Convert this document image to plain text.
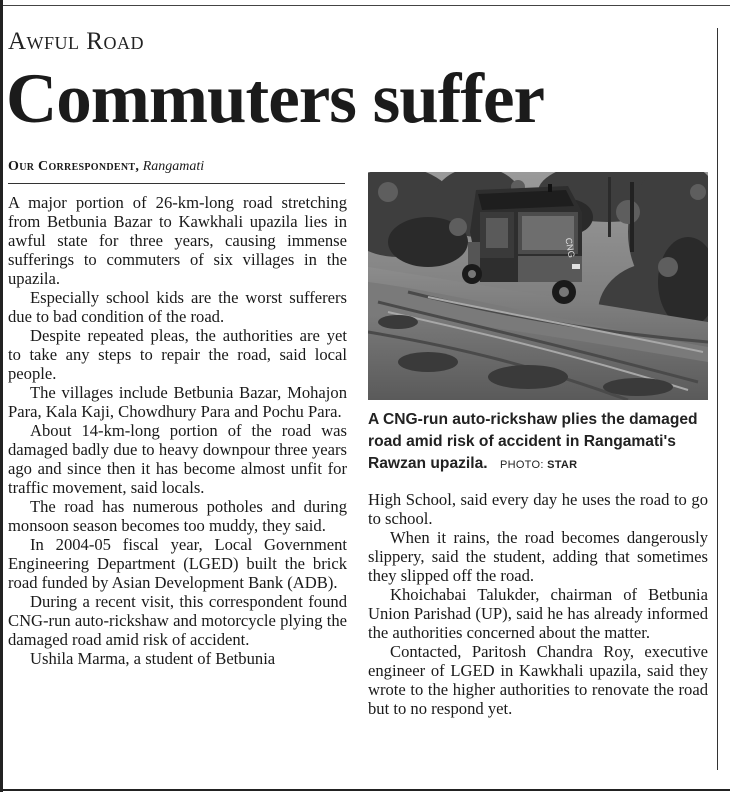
Awful Road
Commuters suffer
Our Correspondent, Rangamati

A major portion of 26-km-long road stretching from Betbunia Bazar to Kawkhali upazila lies in awful state for three years, causing immense sufferings to commuters of six villages in the upazila.

Especially school kids are the worst sufferers due to bad condition of the road.

Despite repeated pleas, the authorities are yet to take any steps to repair the road, said local people.

The villages include Betbunia Bazar, Mohajon Para, Kala Kaji, Chowdhury Para and Pochu Para.

About 14-km-long portion of the road was damaged badly due to heavy downpour three years ago and since then it has become almost unfit for traffic movement, said locals.

The road has numerous potholes and during monsoon season becomes too muddy, they said.

In 2004-05 fiscal year, Local Government Engineering Department (LGED) built the brick road funded by Asian Development Bank (ADB).

During a recent visit, this correspondent found CNG-run auto-rickshaw and motorcycle plying the damaged road amid risk of accident.

Ushila Marma, a student of Betbunia

CNG
A CNG-run auto-rickshaw plies the damaged road amid risk of accident in Rangamati's Rawzan upazila. PHOTO: STAR

High School, said every day he uses the road to go to school.

When it rains, the road becomes dangerously slippery, said the student, adding that sometimes they slipped off the road.

Khoichabai Talukder, chairman of Betbunia Union Parishad (UP), said he has already informed the authorities concerned about the matter.

Contacted, Paritosh Chandra Roy, executive engineer of LGED in Kawkhali upazila, said they wrote to the higher authorities to renovate the road but to no respond yet.
